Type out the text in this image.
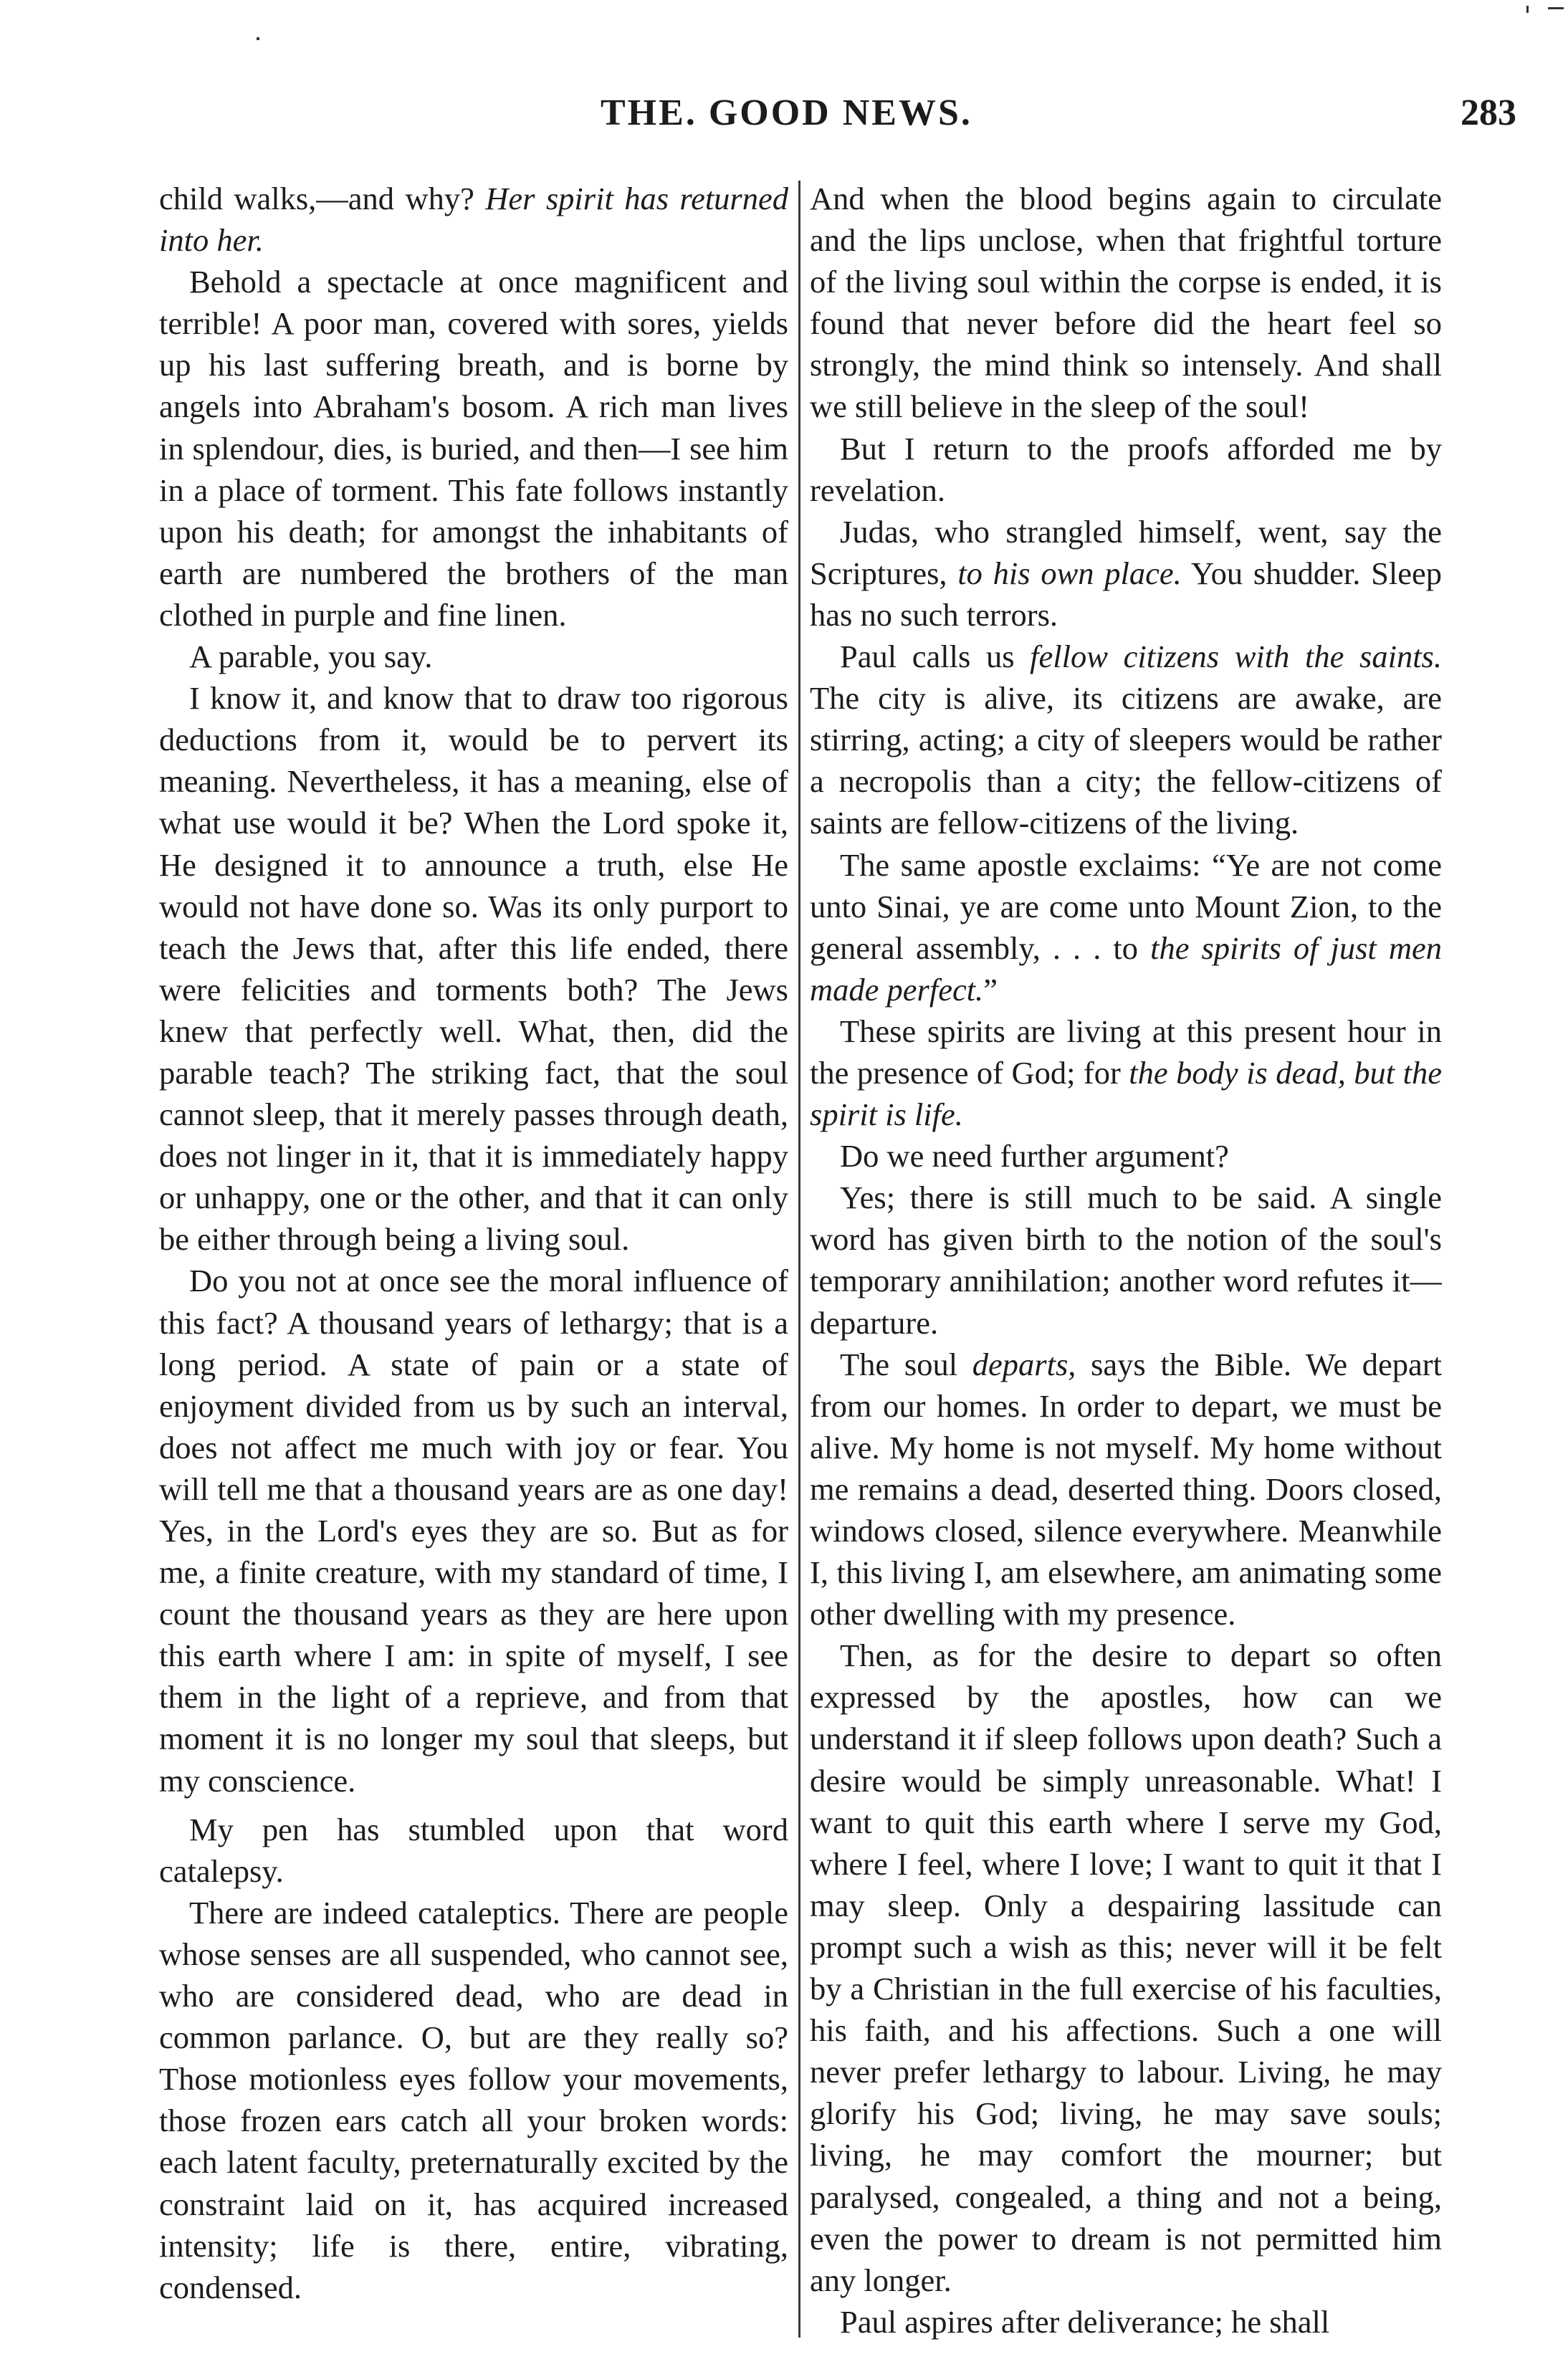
THE. GOOD NEWS.	283

child walks,—and why? Her spirit has returned into her.

Behold a spectacle at once magnificent and terrible! A poor man, covered with sores, yields up his last suffering breath, and is borne by angels into Abraham's bosom. A rich man lives in splendour, dies, is buried, and then—I see him in a place of torment. This fate follows instantly upon his death; for amongst the inhabitants of earth are numbered the brothers of the man clothed in purple and fine linen.

A parable, you say.

I know it, and know that to draw too rigorous deductions from it, would be to pervert its meaning. Nevertheless, it has a meaning, else of what use would it be? When the Lord spoke it, He designed it to announce a truth, else He would not have done so. Was its only purport to teach the Jews that, after this life ended, there were felicities and torments both? The Jews knew that perfectly well. What, then, did the parable teach? The striking fact, that the soul cannot sleep, that it merely passes through death, does not linger in it, that it is immediately happy or unhappy, one or the other, and that it can only be either through being a living soul.

Do you not at once see the moral influence of this fact? A thousand years of lethargy; that is a long period. A state of pain or a state of enjoyment divided from us by such an interval, does not affect me much with joy or fear. You will tell me that a thousand years are as one day! Yes, in the Lord's eyes they are so. But as for me, a finite creature, with my standard of time, I count the thousand years as they are here upon this earth where I am: in spite of myself, I see them in the light of a reprieve, and from that moment it is no longer my soul that sleeps, but my conscience.

My pen has stumbled upon that word catalepsy.

There are indeed cataleptics. There are people whose senses are all suspended, who cannot see, who are considered dead, who are dead in common parlance. O, but are they really so? Those motionless eyes follow your movements, those frozen ears catch all your broken words: each latent faculty, preternaturally excited by the constraint laid on it, has acquired increased intensity; life is there, entire, vibrating, condensed.

And when the blood begins again to circulate and the lips unclose, when that frightful torture of the living soul within the corpse is ended, it is found that never before did the heart feel so strongly, the mind think so intensely. And shall we still believe in the sleep of the soul!

But I return to the proofs afforded me by revelation.

Judas, who strangled himself, went, say the Scriptures, to his own place. You shudder. Sleep has no such terrors.

Paul calls us fellow citizens with the saints. The city is alive, its citizens are awake, are stirring, acting; a city of sleepers would be rather a necropolis than a city; the fellow-citizens of saints are fellow-citizens of the living.

The same apostle exclaims: “Ye are not come unto Sinai, ye are come unto Mount Zion, to the general assembly, . . . to the spirits of just men made perfect.”

These spirits are living at this present hour in the presence of God; for the body is dead, but the spirit is life.

Do we need further argument?

Yes; there is still much to be said. A single word has given birth to the notion of the soul's temporary annihilation; another word refutes it—departure.

The soul departs, says the Bible. We depart from our homes. In order to depart, we must be alive. My home is not myself. My home without me remains a dead, deserted thing. Doors closed, windows closed, silence everywhere. Meanwhile I, this living I, am elsewhere, am animating some other dwelling with my presence.

Then, as for the desire to depart so often expressed by the apostles, how can we understand it if sleep follows upon death? Such a desire would be simply unreasonable. What! I want to quit this earth where I serve my God, where I feel, where I love; I want to quit it that I may sleep. Only a despairing lassitude can prompt such a wish as this; never will it be felt by a Christian in the full exercise of his faculties, his faith, and his affections. Such a one will never prefer lethargy to labour. Living, he may glorify his God; living, he may save souls; living, he may comfort the mourner; but paralysed, congealed, a thing and not a being, even the power to dream is not permitted him any longer.

Paul aspires after deliverance; he shall
